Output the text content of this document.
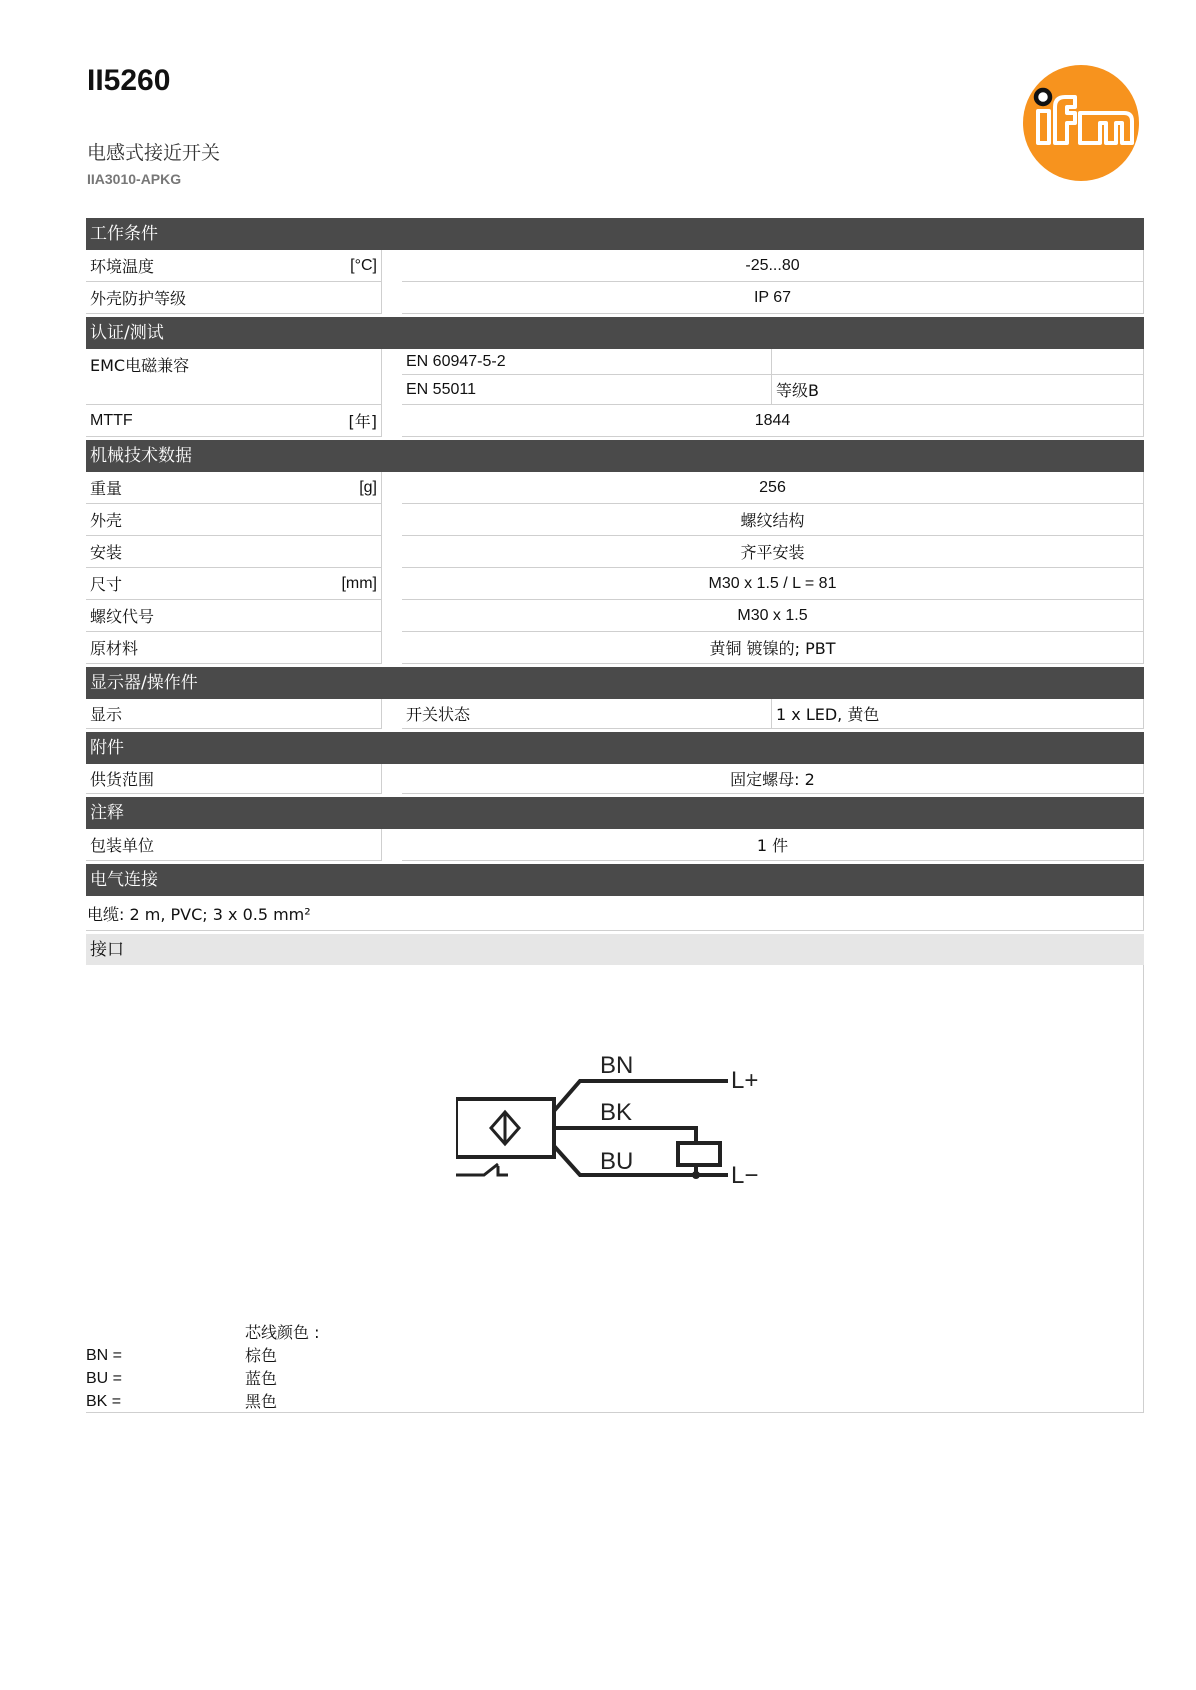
II5260
电感式接近开关
IIA3010-APKG
工作条件
环境温度	[°C]	-25...80
外壳防护等级	IP 67
认证/测试
EMC电磁兼容	EN 60947-5-2
EN 55011	等级B
MTTF	[年]	1844
机械技术数据
重量	[g]	256
外壳	螺纹结构
安装	齐平安装
尺寸	[mm]	M30 x 1.5 / L = 81
螺纹代号	M30 x 1.5
原材料	黄铜 镀镍的; PBT
显示器/操作件
显示	开关状态	1 x LED, 黄色
附件
供货范围	固定螺母: 2
注释
包装单位	1 件
电气连接
电缆: 2 m, PVC; 3 x 0.5 mm²
接口
BN
BK
BU
L+
L−
芯线颜色 :
BN =	棕色
BU =	蓝色
BK =	黑色
